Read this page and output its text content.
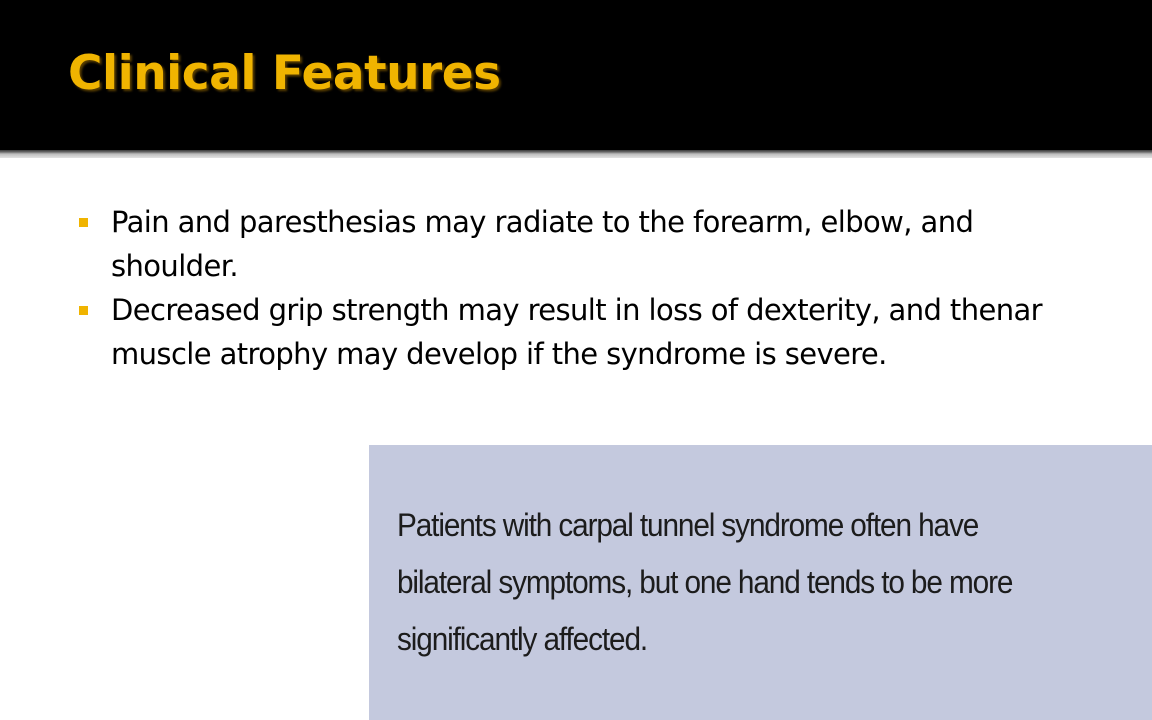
Clinical Features
Pain and paresthesias may radiate to the forearm, elbow, and shoulder.
Decreased grip strength may result in loss of dexterity, and thenar muscle atrophy may develop if the syndrome is severe.

Patients with carpal tunnel syndrome often have bilateral symptoms, but one hand tends to be more significantly affected.
